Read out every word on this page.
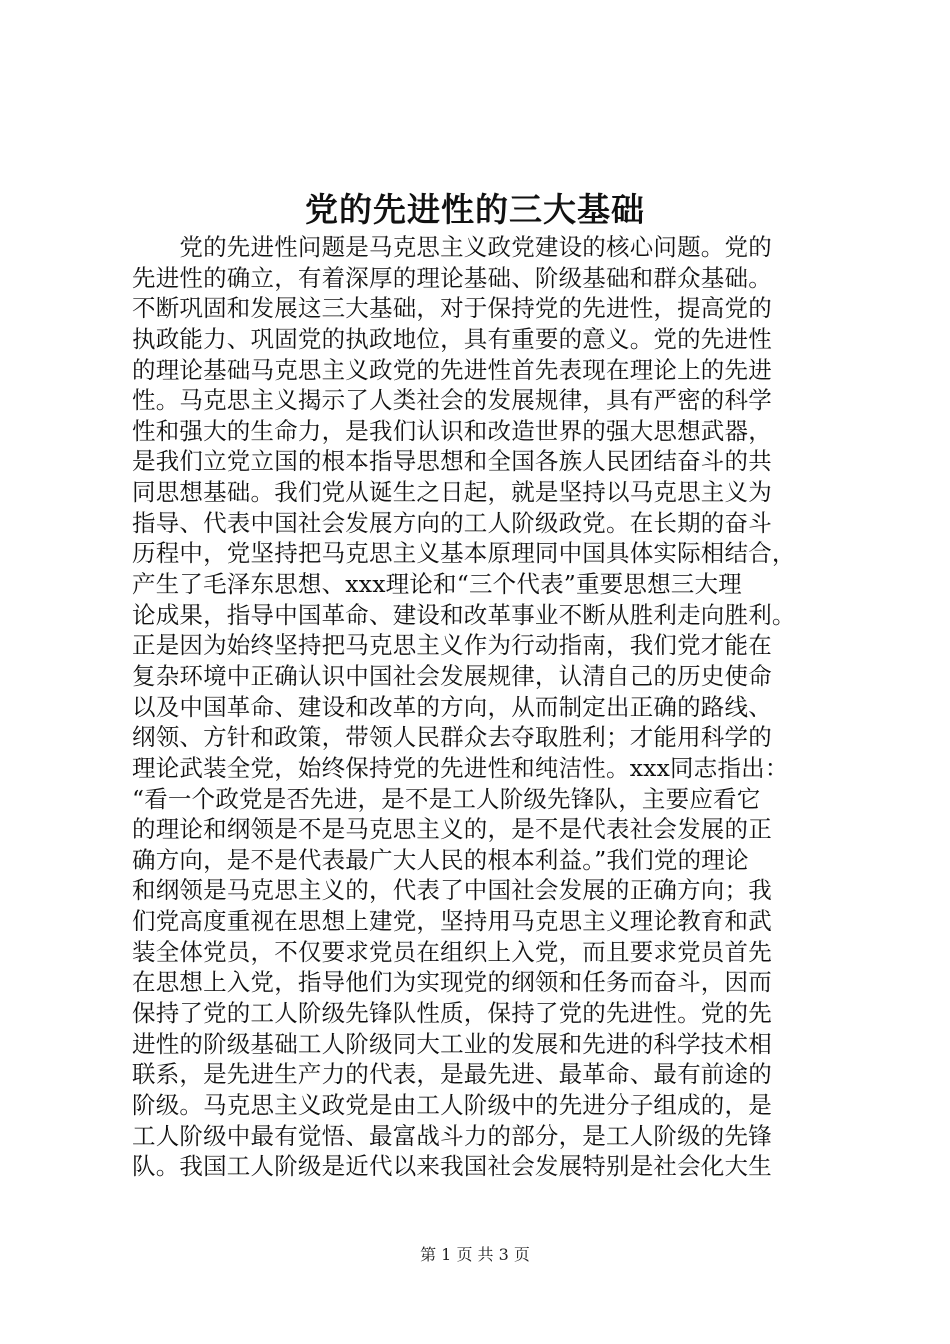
党的先进性的三大基础
　　党的先进性问题是马克思主义政党建设的核心问题。党的
先进性的确立，有着深厚的理论基础、阶级基础和群众基础。
不断巩固和发展这三大基础，对于保持党的先进性，提高党的
执政能力、巩固党的执政地位，具有重要的意义。党的先进性
的理论基础马克思主义政党的先进性首先表现在理论上的先进
性。马克思主义揭示了人类社会的发展规律，具有严密的科学
性和强大的生命力，是我们认识和改造世界的强大思想武器，
是我们立党立国的根本指导思想和全国各族人民团结奋斗的共
同思想基础。我们党从诞生之日起，就是坚持以马克思主义为
指导、代表中国社会发展方向的工人阶级政党。在长期的奋斗
历程中，党坚持把马克思主义基本原理同中国具体实际相结合，
产生了毛泽东思想、xxx理论和“三个代表”重要思想三大理
论成果，指导中国革命、建设和改革事业不断从胜利走向胜利。
正是因为始终坚持把马克思主义作为行动指南，我们党才能在
复杂环境中正确认识中国社会发展规律，认清自己的历史使命
以及中国革命、建设和改革的方向，从而制定出正确的路线、
纲领、方针和政策，带领人民群众去夺取胜利；才能用科学的
理论武装全党，始终保持党的先进性和纯洁性。xxx同志指出：
“看一个政党是否先进，是不是工人阶级先锋队，主要应看它
的理论和纲领是不是马克思主义的，是不是代表社会发展的正
确方向，是不是代表最广大人民的根本利益。”我们党的理论
和纲领是马克思主义的，代表了中国社会发展的正确方向；我
们党高度重视在思想上建党，坚持用马克思主义理论教育和武
装全体党员，不仅要求党员在组织上入党，而且要求党员首先
在思想上入党，指导他们为实现党的纲领和任务而奋斗，因而
保持了党的工人阶级先锋队性质，保持了党的先进性。党的先
进性的阶级基础工人阶级同大工业的发展和先进的科学技术相
联系，是先进生产力的代表，是最先进、最革命、最有前途的
阶级。马克思主义政党是由工人阶级中的先进分子组成的，是
工人阶级中最有觉悟、最富战斗力的部分，是工人阶级的先锋
队。我国工人阶级是近代以来我国社会发展特别是社会化大生
第 1 页 共 3 页
